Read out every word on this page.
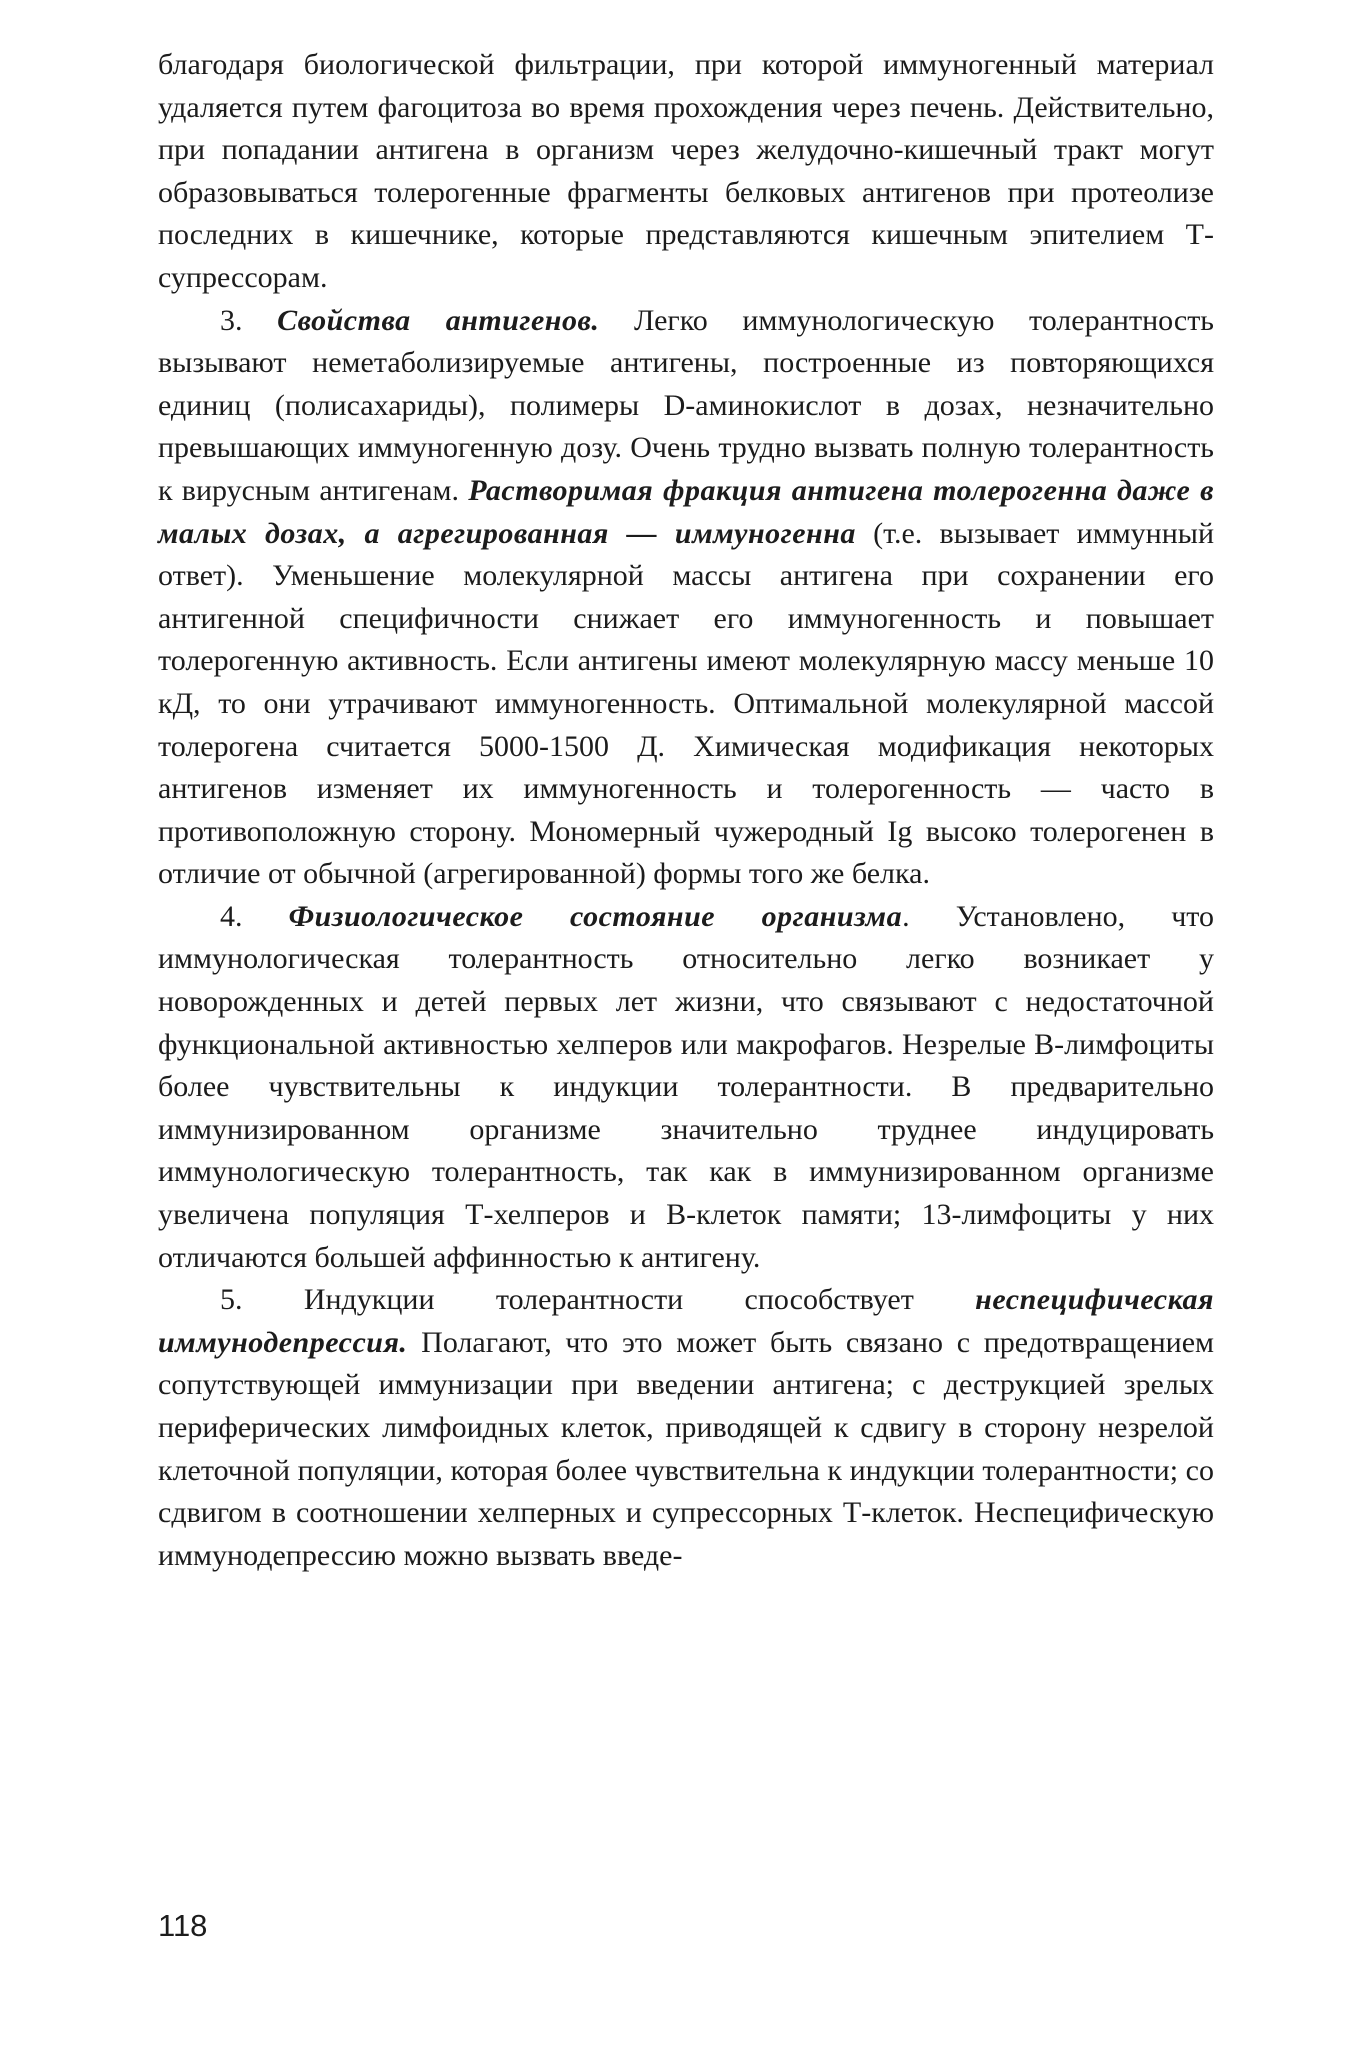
благодаря биологической фильтрации, при которой иммуногенный материал удаляется путем фагоцитоза во время прохождения через печень. Действительно, при попадании антигена в организм через желудочно-кишечный тракт могут образовываться толерогенные фрагменты белковых антигенов при протеолизе последних в кишечнике, которые представляются кишечным эпителием Т-супрессорам.

3. Свойства антигенов. Легко иммунологическую толерантность вызывают неметаболизируемые антигены, построенные из повторяющихся единиц (полисахариды), полимеры D-аминокислот в дозах, незначительно превышающих иммуногенную дозу. Очень трудно вызвать полную толерантность к вирусным антигенам. Растворимая фракция антигена толерогенна даже в малых дозах, а агрегированная — иммуногенна (т.е. вызывает иммунный ответ). Уменьшение молекулярной массы антигена при сохранении его антигенной специфичности снижает его иммуногенность и повышает толерогенную активность. Если антигены имеют молекулярную массу меньше 10 кД, то они утрачивают иммуногенность. Оптимальной молекулярной массой толерогена считается 5000-1500 Д. Химическая модификация некоторых антигенов изменяет их иммуногенность и толерогенность — часто в противоположную сторону. Мономерный чужеродный Ig высоко толерогенен в отличие от обычной (агрегированной) формы того же белка.

4. Физиологическое состояние организма. Установлено, что иммунологическая толерантность относительно легко возникает у новорожденных и детей первых лет жизни, что связывают с недостаточной функциональной активностью хелперов или макрофагов. Незрелые В-лимфоциты более чувствительны к индукции толерантности. В предварительно иммунизированном организме значительно труднее индуцировать иммунологическую толерантность, так как в иммунизированном организме увеличена популяция Т-хелперов и В-клеток памяти; 13-лимфоциты у них отличаются большей аффинностью к антигену.

5. Индукции толерантности способствует неспецифическая иммунодепрессия. Полагают, что это может быть связано с предотвращением сопутствующей иммунизации при введении антигена; с деструкцией зрелых периферических лимфоидных клеток, приводящей к сдвигу в сторону незрелой клеточной популяции, которая более чувствительна к индукции толерантности; со сдвигом в соотношении хелперных и супрессорных Т-клеток. Неспецифическую иммунодепрессию можно вызвать введе-

118
